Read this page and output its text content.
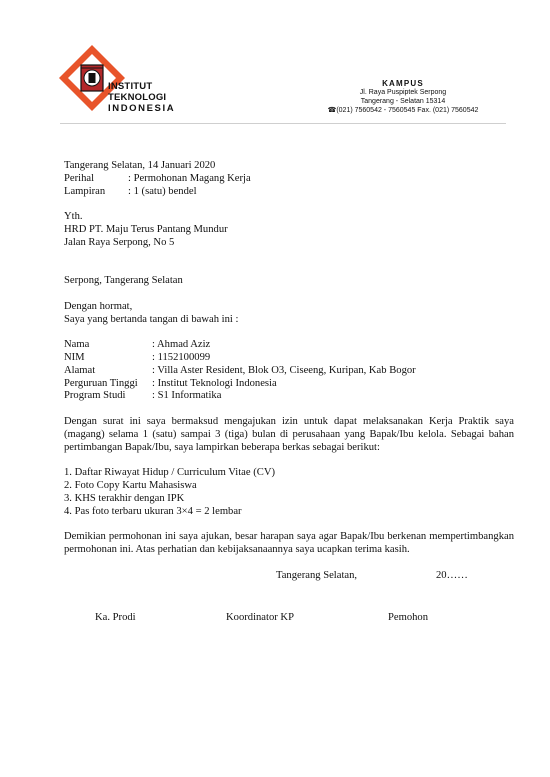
INSTITUT
TEKNOLOGI
INDONESIA
KAMPUS
Jl. Raya Puspiptek Serpong
Tangerang - Selatan 15314
☎(021) 7560542 - 7560545 Fax. (021) 7560542
Tangerang Selatan, 14 Januari 2020
Perihal	: Permohonan Magang Kerja
Lampiran	: 1 (satu) bendel
Yth.
HRD PT. Maju Terus Pantang Mundur
Jalan Raya Serpong, No 5
Serpong, Tangerang Selatan
Dengan hormat,
Saya yang bertanda tangan di bawah ini :
Nama	: Ahmad Aziz
NIM	: 1152100099
Alamat	: Villa Aster Resident, Blok O3, Ciseeng, Kuripan, Kab Bogor
Perguruan Tinggi	: Institut Teknologi Indonesia
Program Studi	: S1 Informatika
Dengan surat ini saya bermaksud mengajukan izin untuk dapat melaksanakan Kerja Praktik saya (magang) selama 1 (satu) sampai 3 (tiga) bulan di perusahaan yang Bapak/Ibu kelola. Sebagai bahan pertimbangan Bapak/Ibu, saya lampirkan beberapa berkas sebagai berikut:
1. Daftar Riwayat Hidup / Curriculum Vitae (CV)
2. Foto Copy Kartu Mahasiswa
3. KHS terakhir dengan IPK
4. Pas foto terbaru ukuran 3×4 = 2 lembar
Demikian permohonan ini saya ajukan, besar harapan saya agar Bapak/Ibu berkenan mempertimbangkan permohonan ini. Atas perhatian dan kebijaksanaannya saya ucapkan terima kasih.
Tangerang Selatan,	20……
Ka. Prodi	Koordinator KP	Pemohon
